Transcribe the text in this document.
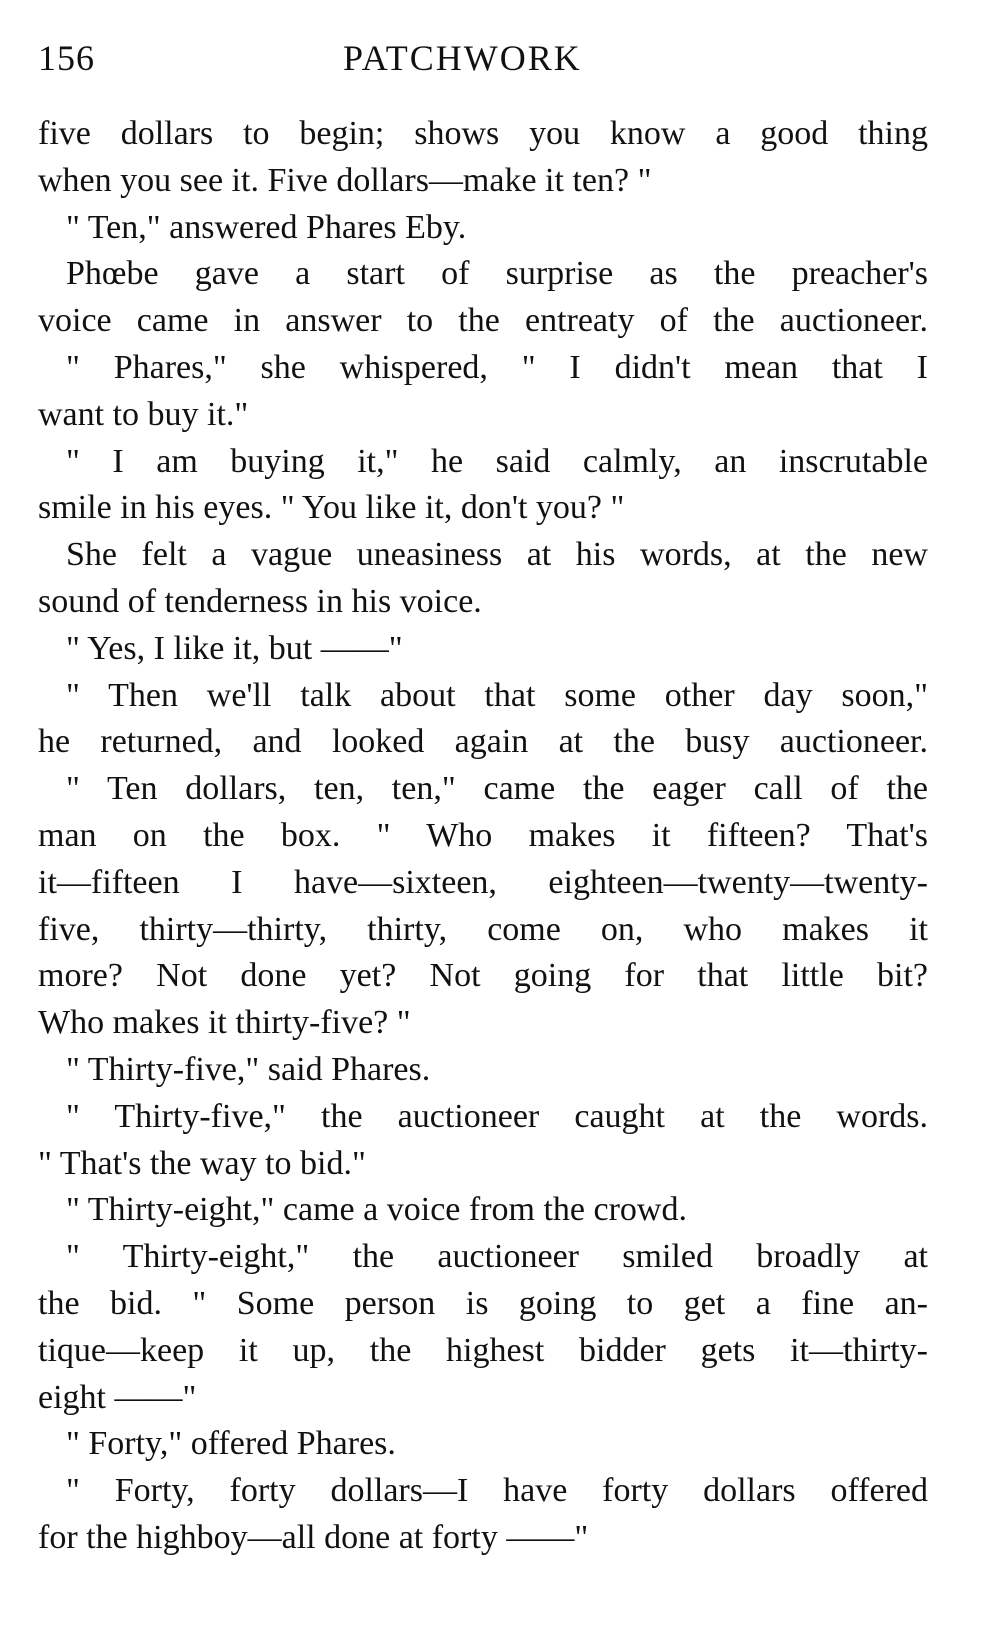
156	PATCHWORK
five dollars to begin; shows you know a good thing
when you see it. Five dollars—make it ten? "
" Ten," answered Phares Eby.
Phœbe gave a start of surprise as the preacher's
voice came in answer to the entreaty of the auctioneer.
" Phares," she whispered, " I didn't mean that I
want to buy it."
" I am buying it," he said calmly, an inscrutable
smile in his eyes. " You like it, don't you? "
She felt a vague uneasiness at his words, at the new
sound of tenderness in his voice.
" Yes, I like it, but ——"
" Then we'll talk about that some other day soon,"
he returned, and looked again at the busy auctioneer.
" Ten dollars, ten, ten," came the eager call of the
man on the box. " Who makes it fifteen? That's
it—fifteen I have—sixteen, eighteen—twenty—twenty-
five, thirty—thirty, thirty, come on, who makes it
more? Not done yet? Not going for that little bit?
Who makes it thirty-five? "
" Thirty-five," said Phares.
" Thirty-five," the auctioneer caught at the words.
" That's the way to bid."
" Thirty-eight," came a voice from the crowd.
" Thirty-eight," the auctioneer smiled broadly at
the bid. " Some person is going to get a fine an-
tique—keep it up, the highest bidder gets it—thirty-
eight ——"
" Forty," offered Phares.
" Forty, forty dollars—I have forty dollars offered
for the highboy—all done at forty ——"
